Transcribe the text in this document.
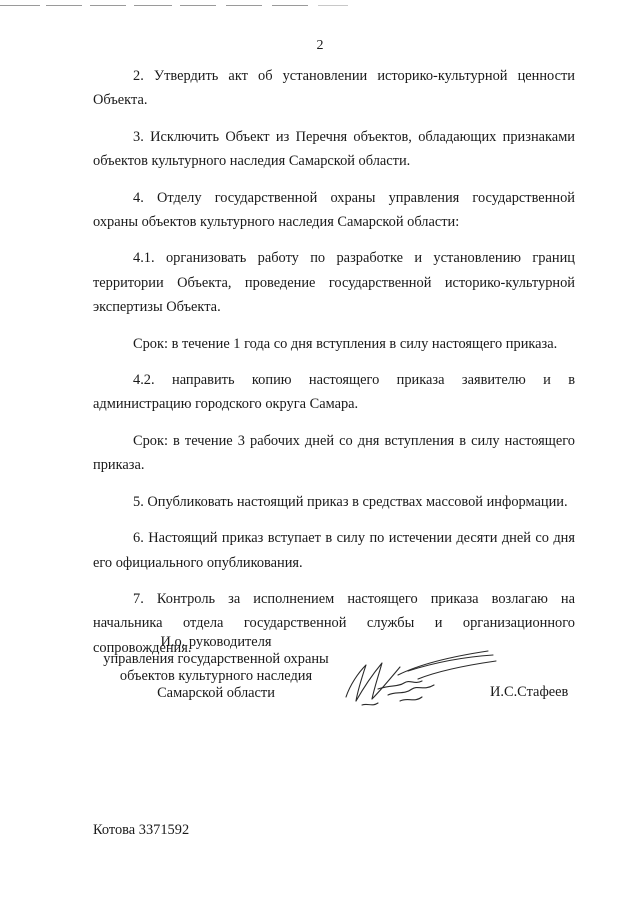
2

2. Утвердить акт об установлении историко-культурной ценности Объекта.

3. Исключить Объект из Перечня объектов, обладающих признаками объектов культурного наследия Самарской области.

4. Отделу государственной охраны управления государственной охраны объектов культурного наследия Самарской области:

4.1. организовать работу по разработке и установлению границ территории Объекта, проведение государственной историко-культурной экспертизы Объекта.

Срок: в течение 1 года со дня вступления в силу настоящего приказа.

4.2. направить копию настоящего приказа заявителю и в администрацию городского округа Самара.

Срок: в течение 3 рабочих дней со дня вступления в силу настоящего приказа.

5. Опубликовать настоящий приказ в средствах массовой информации.

6. Настоящий приказ вступает в силу по истечении десяти дней со дня его официального опубликования.

7. Контроль за исполнением настоящего приказа возлагаю на начальника отдела государственной службы и организационного сопровождения.

И.о. руководителя
управления государственной охраны
объектов культурного наследия
Самарской области	И.С.Стафеев
Котова 3371592
